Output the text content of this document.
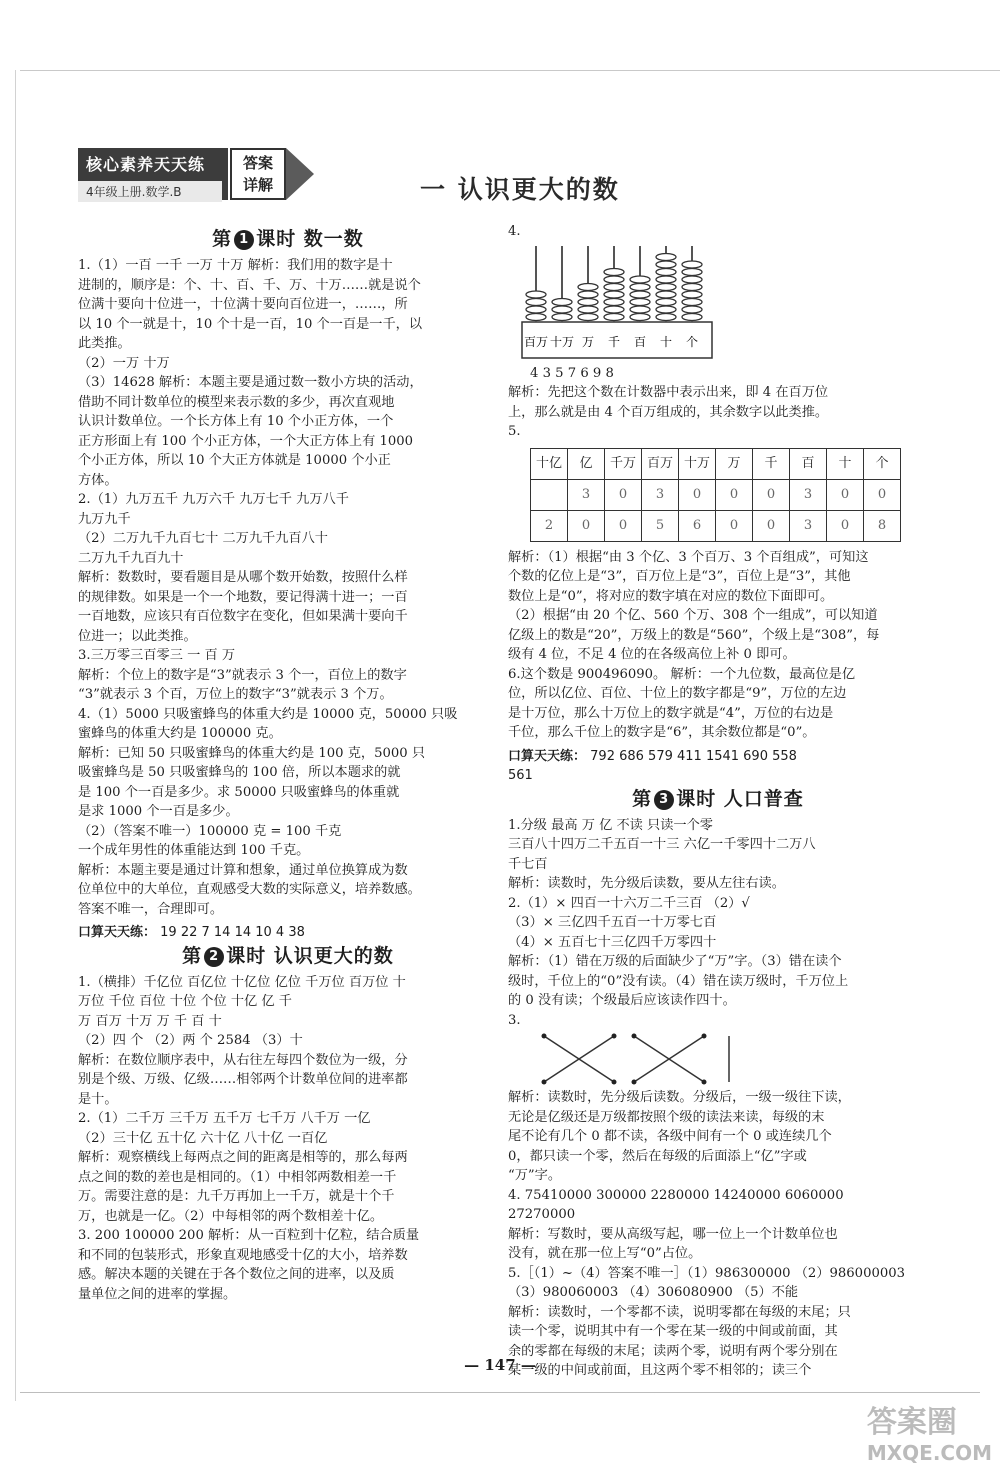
核心素养天天练
4年级上册.数学.B
答案
详解	一 认识更大的数
第 1 课时 数一数

1.（1）一百 一千 一万 十万 解析：我们用的数字是十

进制的，顺序是：个、十、百、千、万、十万……就是说个

位满十要向十位进一，十位满十要向百位进一，……，所

以 10 个一就是十，10 个十是一百，10 个一百是一千，以

此类推。

（2）一万 十万

（3）14628 解析：本题主要是通过数一数小方块的活动，

借助不同计数单位的模型来表示数的多少，再次直观地

认识计数单位。一个长方体上有 10 个小正方体，一个

正方形面上有 100 个小正方体，一个大正方体上有 1000

个小正方体，所以 10 个大正方体就是 10000 个小正

方体。

2.（1）九万五千 九万六千 九万七千 九万八千

九万九千

（2）二万九千九百七十 二万九千九百八十

二万九千九百九十

解析：数数时，要看题目是从哪个数开始数，按照什么样

的规律数。如果是一个一个地数，要记得满十进一；一百

一百地数，应该只有百位数字在变化，但如果满十要向千

位进一；以此类推。

3.三万零三百零三 一 百 万

解析：个位上的数字是“3”就表示 3 个一，百位上的数字

“3”就表示 3 个百，万位上的数字“3”就表示 3 个万。

4.（1）5000 只吸蜜蜂鸟的体重大约是 10000 克，50000 只吸

蜜蜂鸟的体重大约是 100000 克。

解析：已知 50 只吸蜜蜂鸟的体重大约是 100 克，5000 只

吸蜜蜂鸟是 50 只吸蜜蜂鸟的 100 倍，所以本题求的就

是 100 个一百是多少。求 50000 只吸蜜蜂鸟的体重就

是求 1000 个一百是多少。

（2）（答案不唯一）100000 克 = 100 千克

一个成年男性的体重能达到 100 千克。

解析：本题主要是通过计算和想象，通过单位换算成为数

位单位中的大单位，直观感受大数的实际意义，培养数感。

答案不唯一，合理即可。

口算天天练： 19 22 7 14 14 10 4 38
第 2 课时 认识更大的数

1.（横排）千亿位 百亿位 十亿位 亿位 千万位 百万位 十

万位 千位 百位 十位 个位 十亿 亿 千

万 百万 十万 万 千 百 十

（2）四 个 （2）两 个 2584 （3）十

解析：在数位顺序表中，从右往左每四个数位为一级，分

别是个级、万级、亿级……相邻两个计数单位间的进率都

是十。

2.（1）二千万 三千万 五千万 七千万 八千万 一亿

（2）三十亿 五十亿 六十亿 八十亿 一百亿

解析：观察横线上每两点之间的距离是相等的，那么每两

点之间的数的差也是相同的。（1）中相邻两数相差一千

万。需要注意的是：九千万再加上一千万，就是十个千

万，也就是一亿。（2）中每相邻的两个数相差十亿。

3. 200 100000 200 解析：从一百粒到十亿粒，结合质量

和不同的包装形式，形象直观地感受十亿的大小，培养数

感。解决本题的关键在于各个数位之间的进率，以及质

量单位之间的进率的掌握。

4.

百万 十万 万 千 百 十 个

4 3 5 7 6 9 8

解析：先把这个数在计数器中表示出来，即 4 在百万位

上，那么就是由 4 个百万组成的，其余数字以此类推。

5.

十亿	亿	千万	百万	十万	万	千	百	十	个
	3	0	3	0	0	0	3	0	0
2	0	0	5	6	0	0	3	0	8

解析：（1）根据“由 3 个亿、3 个百万、3 个百组成”，可知这

个数的亿位上是“3”，百万位上是“3”，百位上是“3”，其他

数位上是“0”，将对应的数字填在对应的数位下面即可。

（2）根据“由 20 个亿、560 个万、308 个一组成”，可以知道

亿级上的数是“20”，万级上的数是“560”，个级上是“308”，每

级有 4 位，不足 4 位的在各级高位上补 0 即可。

6.这个数是 900496090。 解析：一个九位数，最高位是亿

位，所以亿位、百位、十位上的数字都是“9”，万位的左边

是十万位，那么十万位上的数字就是“4”，万位的右边是

千位，那么千位上的数字是“6”，其余数位都是“0”。

口算天天练： 792 686 579 411 1541 690 558
561
第 3 课时 人口普查

1.分级 最高 万 亿 不读 只读一个零

三百八十四万二千五百一十三 六亿一千零四十二万八

千七百

解析：读数时，先分级后读数，要从左往右读。

2.（1）× 四百一十六万二千三百 （2）√

（3）× 三亿四千五百一十万零七百

（4）× 五百七十三亿四千万零四十

解析：（1）错在万级的后面缺少了“万”字。（3）错在读个

级时，千位上的“0”没有读。（4）错在读万级时，千万位上

的 0 没有读；个级最后应该读作四十。

3.

解析：读数时，先分级后读数。分级后，一级一级往下读，

无论是亿级还是万级都按照个级的读法来读，每级的末

尾不论有几个 0 都不读，各级中间有一个 0 或连续几个

0，都只读一个零，然后在每级的后面添上“亿”字或

“万”字。

4. 75410000 300000 2280000 14240000 6060000

27270000

解析：写数时，要从高级写起，哪一位上一个计数单位也

没有，就在那一位上写“0”占位。

5.［（1）~（4）答案不唯一］（1）986300000 （2）986000003

（3）980060003 （4）306080900 （5）不能

解析：读数时，一个零都不读，说明零都在每级的末尾；只

读一个零，说明其中有一个零在某一级的中间或前面，其

余的零都在每级的末尾；读两个零，说明有两个零分别在

某一级的中间或前面，且这两个零不相邻的；读三个

— 147 —
答案圈
MXQE.COM
